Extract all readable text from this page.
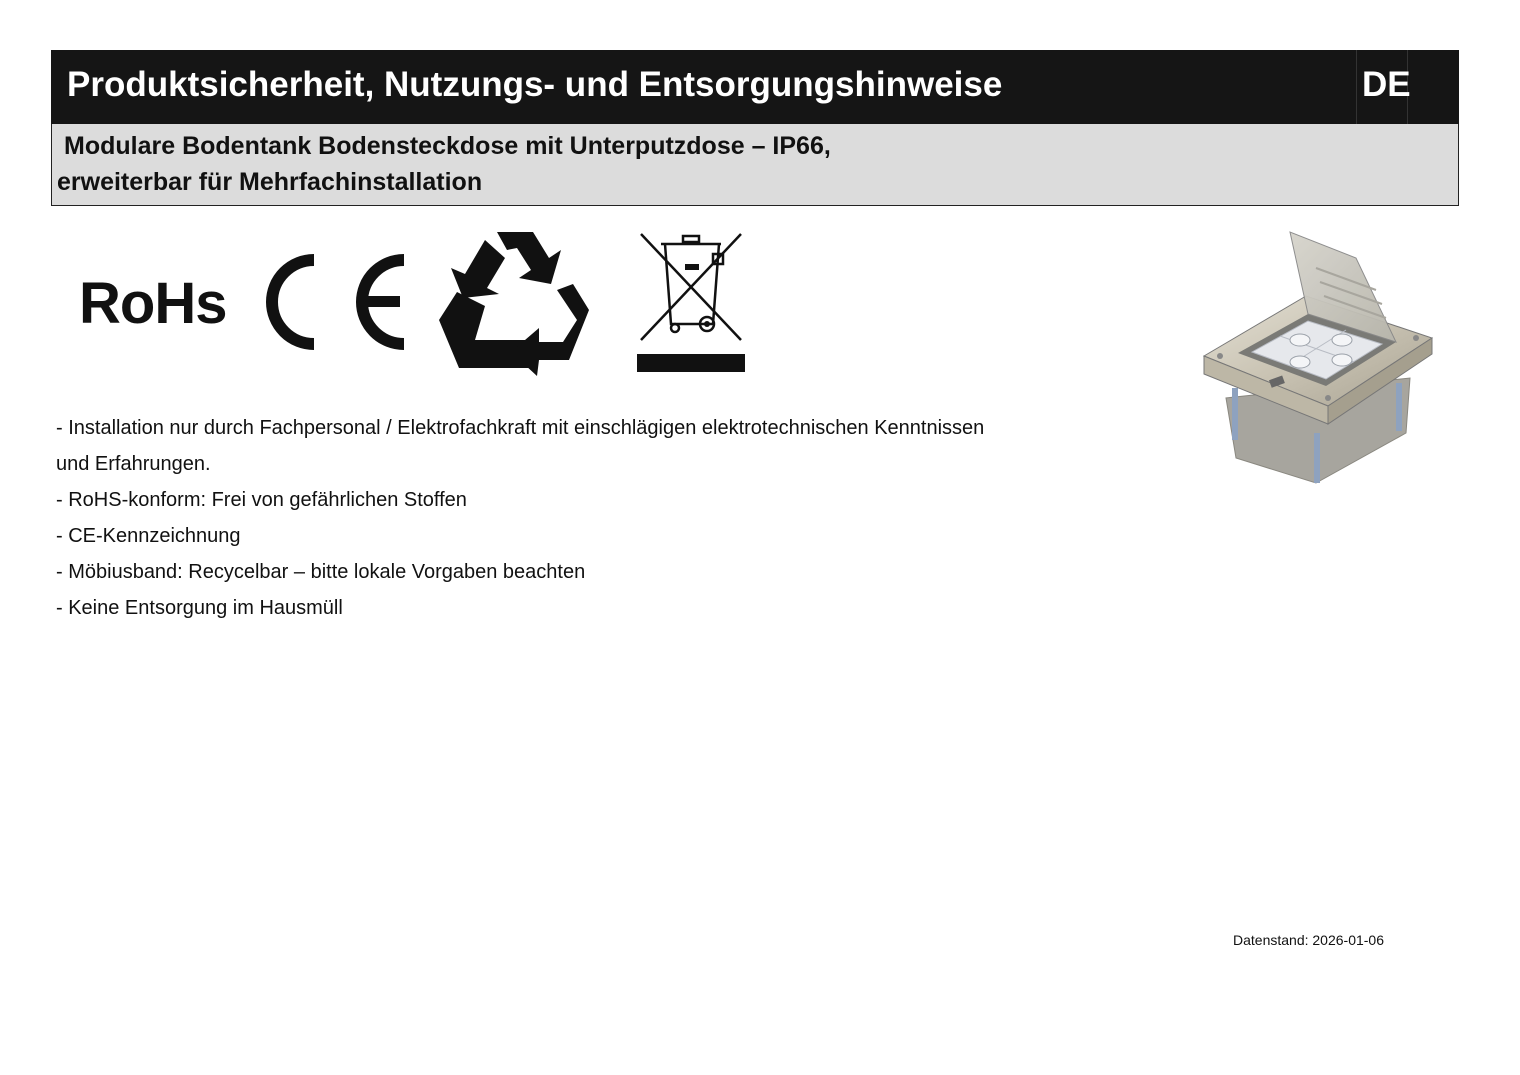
Produktsicherheit, Nutzungs- und Entsorgungshinweise	DE
Modulare Bodentank Bodensteckdose mit Unterputzdose – IP66,
erweiterbar für Mehrfachinstallation
RoHs
- Installation nur durch Fachpersonal / Elektrofachkraft mit einschlägigen elektrotechnischen Kenntnissen
und Erfahrungen.
- RoHS-konform: Frei von gefährlichen Stoffen
- CE-Kennzeichnung
- Möbiusband: Recycelbar – bitte lokale Vorgaben beachten
- Keine Entsorgung im Hausmüll
Datenstand: 2026-01-06
